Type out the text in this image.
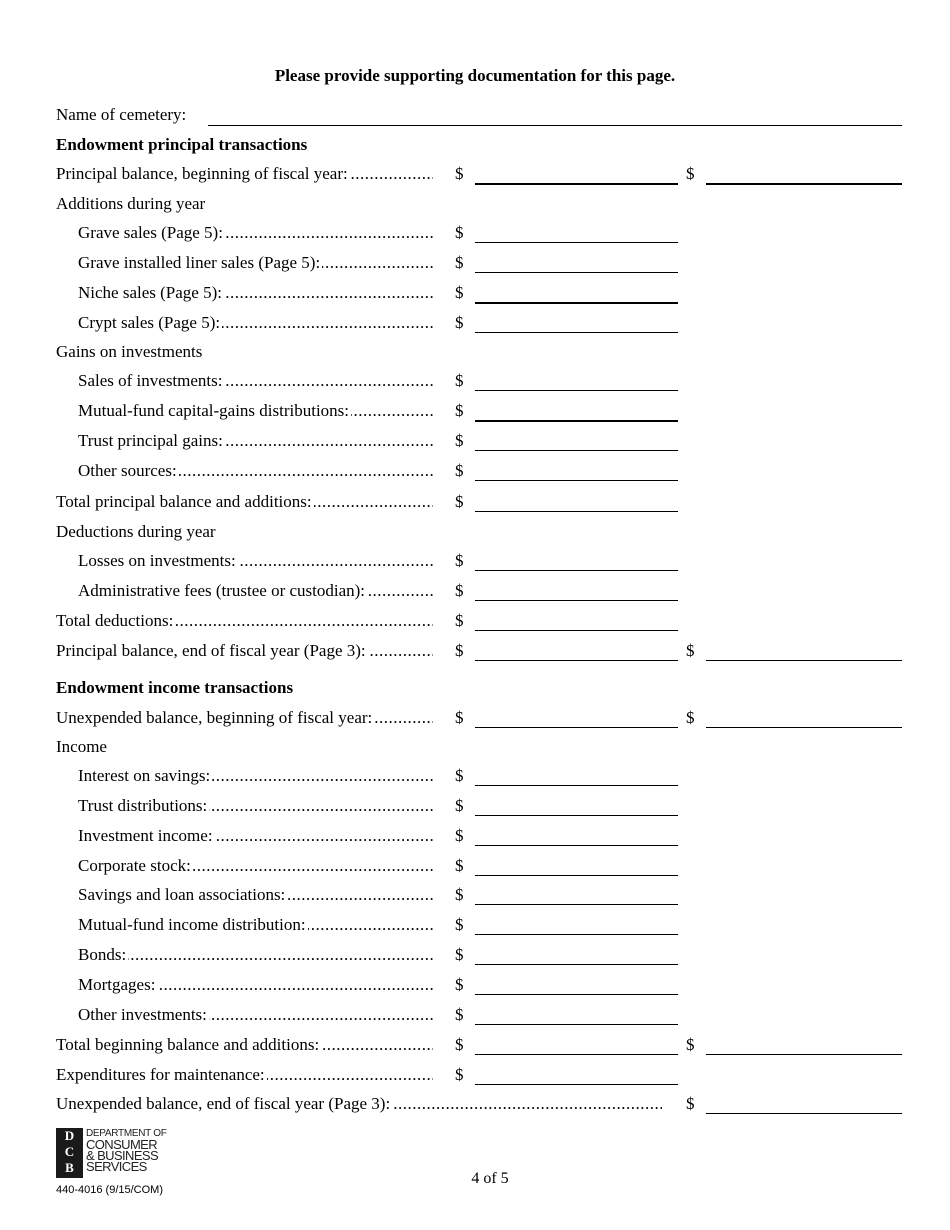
Please provide supporting documentation for this page.
Name of cemetery:
Endowment principal transactions
Principal balance, beginning of fiscal year: .....	$	$
Additions during year
Grave sales (Page 5): .....	$
Grave installed liner sales (Page 5): .....	$
Niche sales (Page 5): .....	$
Crypt sales (Page 5): .....	$
Gains on investments
Sales of investments: .....	$
Mutual-fund capital-gains distributions: .....	$
Trust principal gains: .....	$
Other sources: .....	$
Total principal balance and additions: .....	$
Deductions during year
Losses on investments: .....	$
Administrative fees (trustee or custodian): .....	$
Total deductions: .....	$
Principal balance, end of fiscal year (Page 3): .....	$	$
Endowment income transactions
Unexpended balance, beginning of fiscal year: .....	$	$
Income
Interest on savings: .....	$
Trust distributions: .....	$
Investment income: .....	$
Corporate stock: .....	$
Savings and loan associations: .....	$
Mutual-fund income distribution: .....	$
Bonds: .....	$
Mortgages: .....	$
Other investments: .....	$
Total beginning balance and additions: .....	$	$
Expenditures for maintenance: .....	$
Unexpended balance, end of fiscal year (Page 3): .....	$
D
C
B
DEPARTMENT OF
CONSUMER
& BUSINESS
SERVICES
440-4016 (9/15/COM)
4 of 5
